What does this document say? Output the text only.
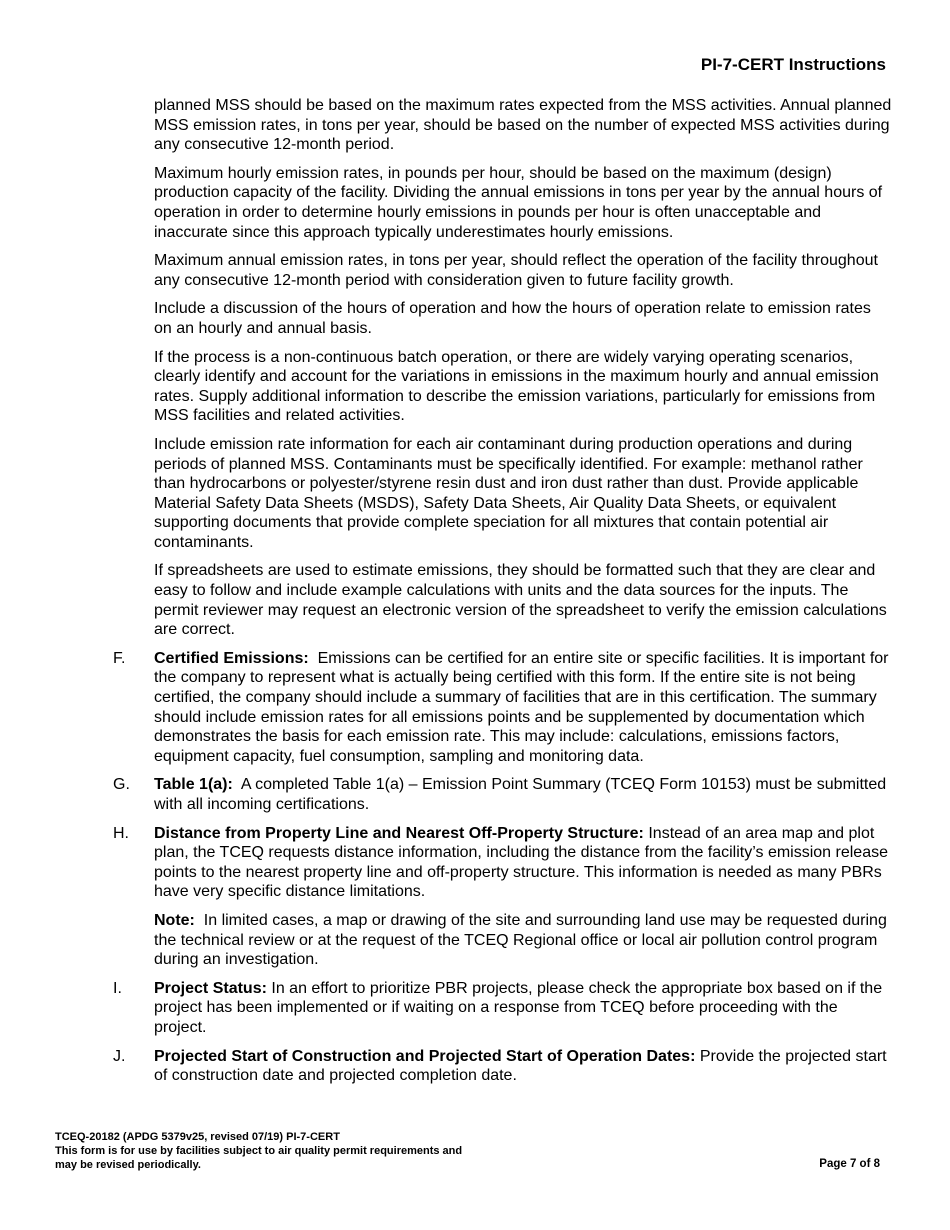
PI-7-CERT Instructions

planned MSS should be based on the maximum rates expected from the MSS activities. Annual planned MSS emission rates, in tons per year, should be based on the number of expected MSS activities during any consecutive 12-month period.

Maximum hourly emission rates, in pounds per hour, should be based on the maximum (design) production capacity of the facility. Dividing the annual emissions in tons per year by the annual hours of operation in order to determine hourly emissions in pounds per hour is often unacceptable and inaccurate since this approach typically underestimates hourly emissions.

Maximum annual emission rates, in tons per year, should reflect the operation of the facility throughout any consecutive 12-month period with consideration given to future facility growth.

Include a discussion of the hours of operation and how the hours of operation relate to emission rates on an hourly and annual basis.

If the process is a non-continuous batch operation, or there are widely varying operating scenarios, clearly identify and account for the variations in emissions in the maximum hourly and annual emission rates. Supply additional information to describe the emission variations, particularly for emissions from MSS facilities and related activities.

Include emission rate information for each air contaminant during production operations and during periods of planned MSS. Contaminants must be specifically identified. For example: methanol rather than hydrocarbons or polyester/styrene resin dust and iron dust rather than dust. Provide applicable Material Safety Data Sheets (MSDS), Safety Data Sheets, Air Quality Data Sheets, or equivalent supporting documents that provide complete speciation for all mixtures that contain potential air contaminants.

If spreadsheets are used to estimate emissions, they should be formatted such that they are clear and easy to follow and include example calculations with units and the data sources for the inputs. The permit reviewer may request an electronic version of the spreadsheet to verify the emission calculations are correct.

F.	Certified Emissions: Emissions can be certified for an entire site or specific facilities. It is important for the company to represent what is actually being certified with this form. If the entire site is not being certified, the company should include a summary of facilities that are in this certification. The summary should include emission rates for all emissions points and be supplemented by documentation which demonstrates the basis for each emission rate. This may include: calculations, emissions factors, equipment capacity, fuel consumption, sampling and monitoring data.
G.	Table 1(a): A completed Table 1(a) – Emission Point Summary (TCEQ Form 10153) must be submitted with all incoming certifications.
H.	Distance from Property Line and Nearest Off-Property Structure: Instead of an area map and plot plan, the TCEQ requests distance information, including the distance from the facility’s emission release points to the nearest property line and off-property structure. This information is needed as many PBRs have very specific distance limitations.

Note: In limited cases, a map or drawing of the site and surrounding land use may be requested during the technical review or at the request of the TCEQ Regional office or local air pollution control program during an investigation.

I.	Project Status: In an effort to prioritize PBR projects, please check the appropriate box based on if the project has been implemented or if waiting on a response from TCEQ before proceeding with the project.
J.	Projected Start of Construction and Projected Start of Operation Dates: Provide the projected start of construction date and projected completion date.
TCEQ-20182 (APDG 5379v25, revised 07/19) PI-7-CERT
This form is for use by facilities subject to air quality permit requirements and
may be revised periodically.	Page 7 of 8
